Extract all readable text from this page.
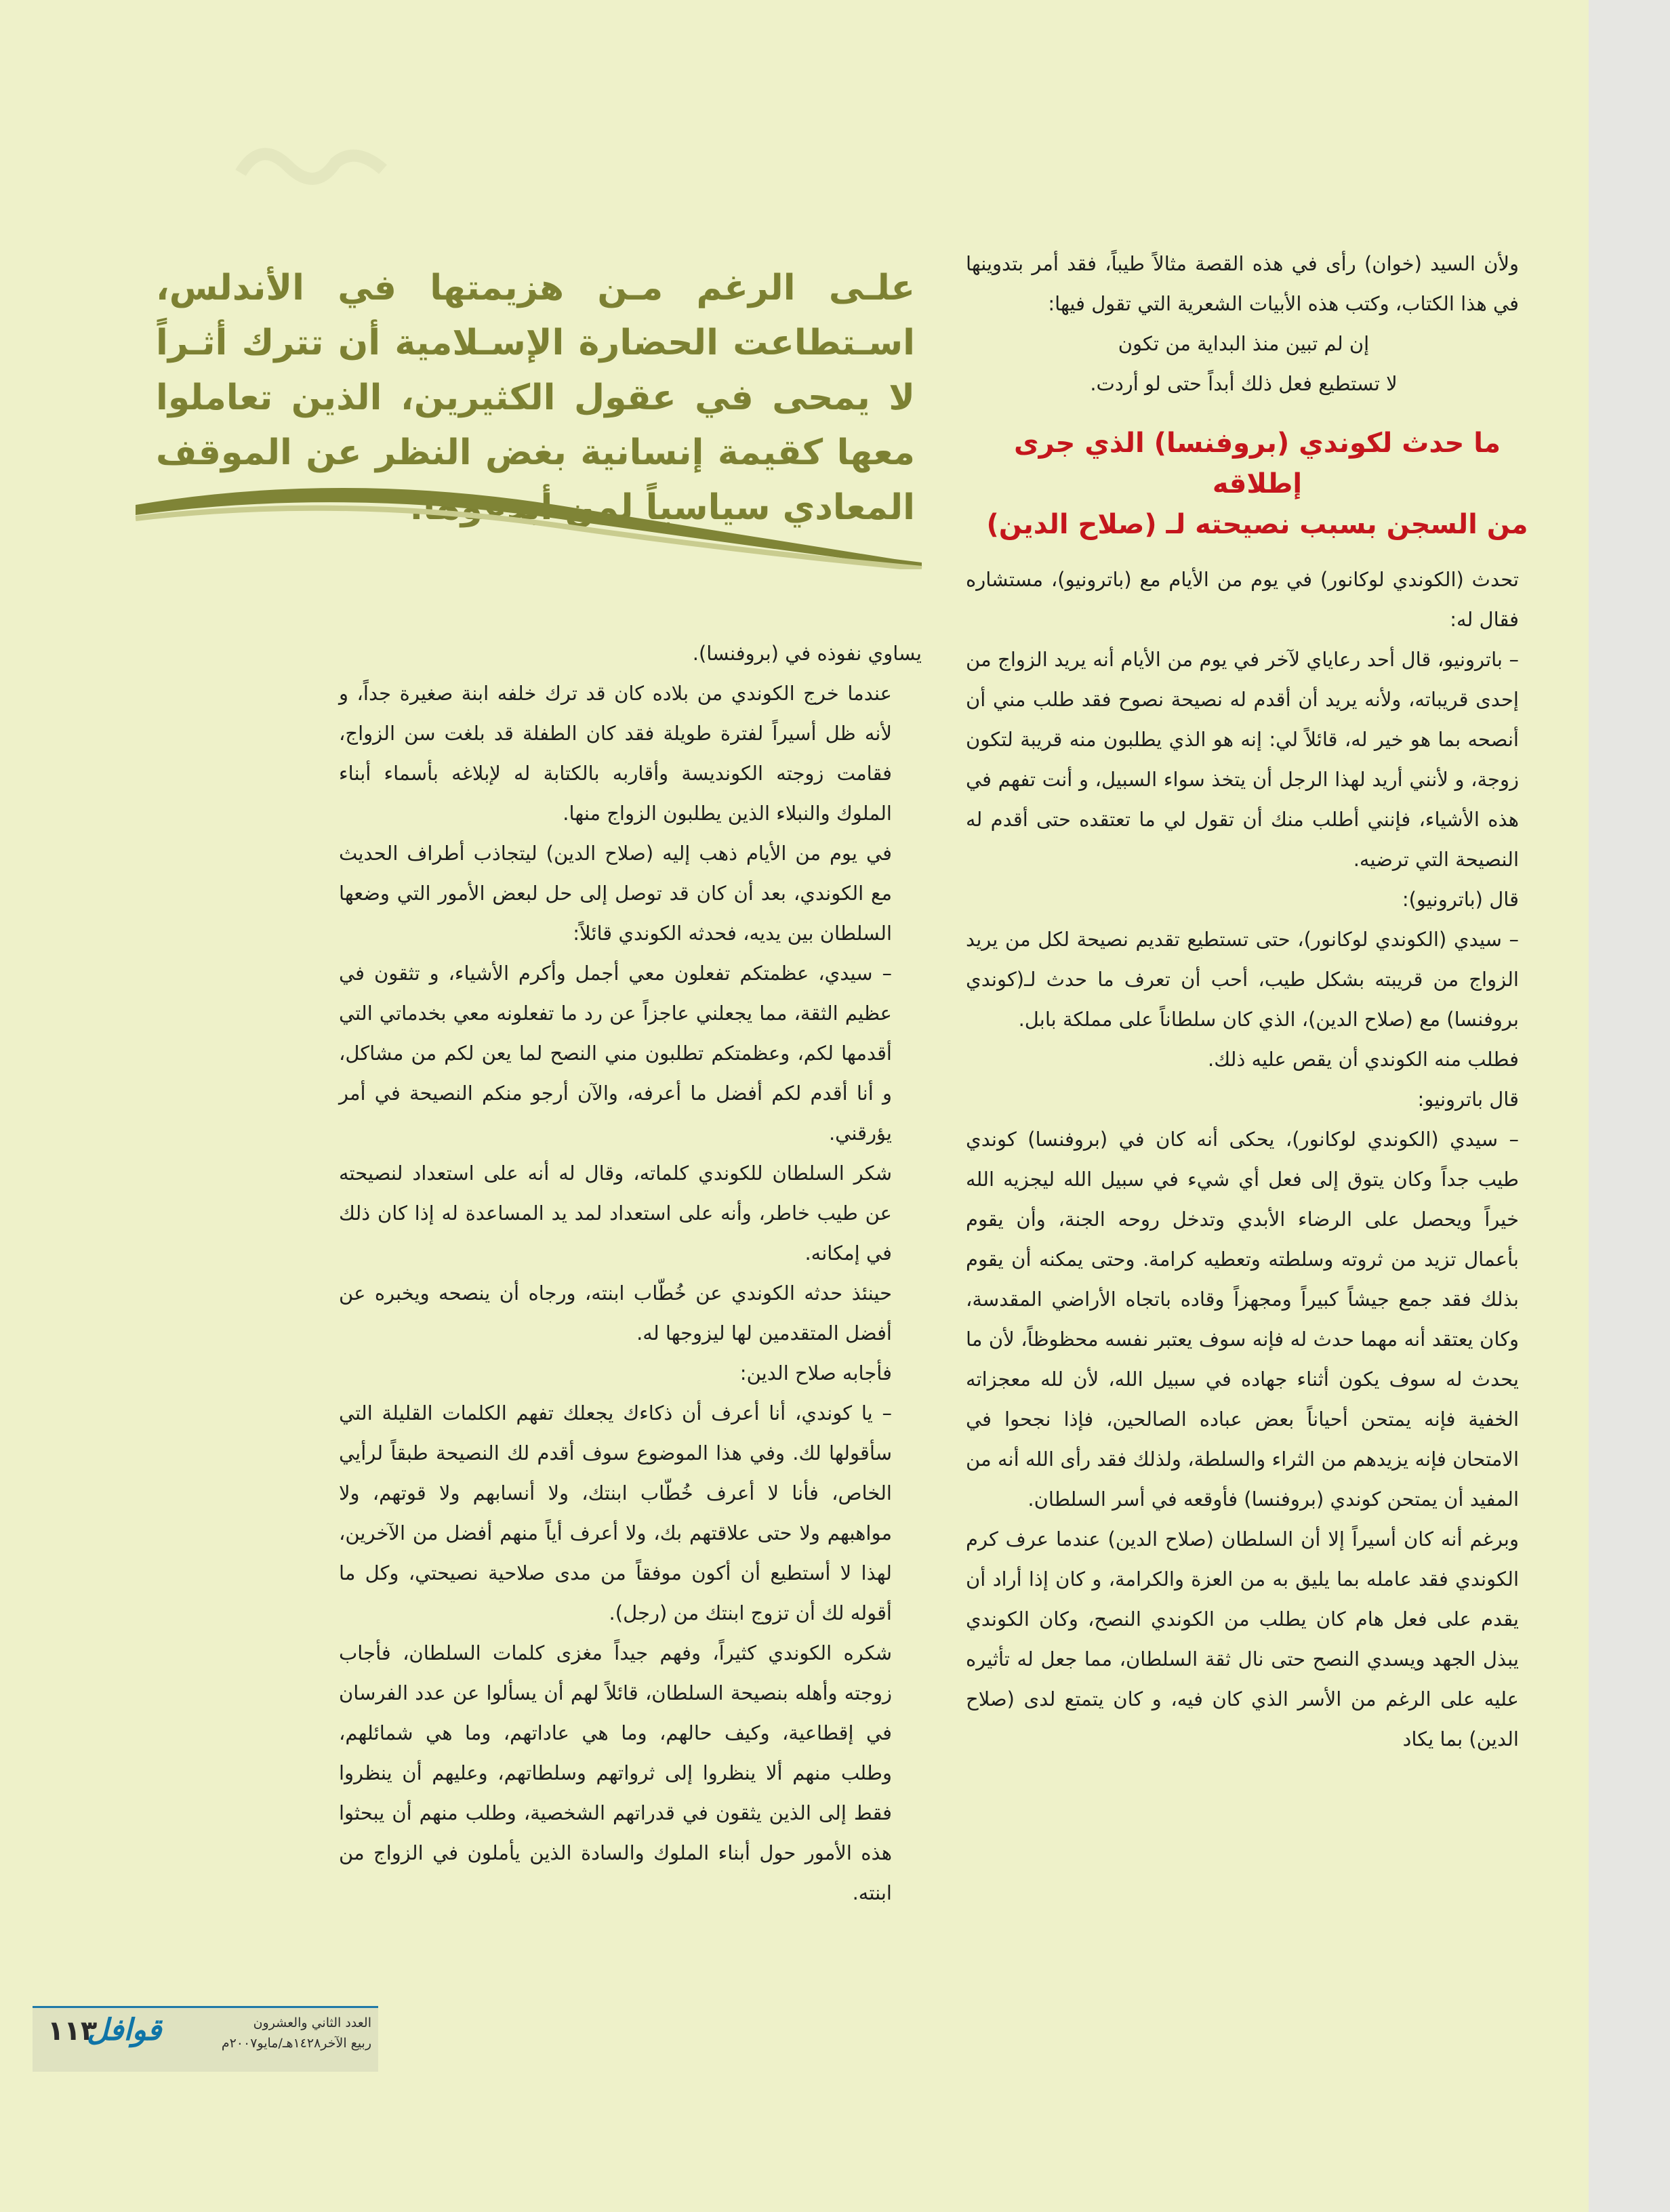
علـى الرغم مـن هزيمتها في الأندلس، اسـتطاعت الحضارة الإسـلامية أن تترك أثـراً لا يمحى في عقول الكثيرين، الذين تعاملوا معها كقيمة إنسانية بغض النظر عن الموقف المعادي سياسياً لمن أبدعوها.

ولأن السيد (خوان) رأى في هذه القصة مثالاً طيباً، فقد أمر بتدوينها في هذا الكتاب، وكتب هذه الأبيات الشعرية التي تقول فيها:

إن لم تبين منذ البداية من تكون

لا تستطيع فعل ذلك أبداً حتى لو أردت.

ما حدث لكوندي (بروفنسا) الذي جرى إطلاقه
من السجن بسبب نصيحته لـ (صلاح الدين)

تحدث (الكوندي لوكانور) في يوم من الأيام مع (باترونيو)، مستشاره فقال له:

– باترونيو، قال أحد رعاياي لآخر في يوم من الأيام أنه يريد الزواج من إحدى قريباته، ولأنه يريد أن أقدم له نصيحة نصوح فقد طلب مني أن أنصحه بما هو خير له، قائلاً لي: إنه هو الذي يطلبون منه قريبة لتكون زوجة، و لأنني أريد لهذا الرجل أن يتخذ سواء السبيل، و أنت تفهم في هذه الأشياء، فإنني أطلب منك أن تقول لي ما تعتقده حتى أقدم له النصيحة التي ترضيه.

قال (باترونيو):

– سيدي (الكوندي لوكانور)، حتى تستطيع تقديم نصيحة لكل من يريد الزواج من قريبته بشكل طيب، أحب أن تعرف ما حدث لـ(كوندي بروفنسا) مع (صلاح الدين)، الذي كان سلطاناً على مملكة بابل.

فطلب منه الكوندي أن يقص عليه ذلك.

قال باترونيو:

– سيدي (الكوندي لوكانور)، يحكى أنه كان في (بروفنسا) كوندي طيب جداً وكان يتوق إلى فعل أي شيء في سبيل الله ليجزيه الله خيراً ويحصل على الرضاء الأبدي وتدخل روحه الجنة، وأن يقوم بأعمال تزيد من ثروته وسلطته وتعطيه كرامة. وحتى يمكنه أن يقوم بذلك فقد جمع جيشاً كبيراً ومجهزاً وقاده باتجاه الأراضي المقدسة، وكان يعتقد أنه مهما حدث له فإنه سوف يعتبر نفسه محظوظاً، لأن ما يحدث له سوف يكون أثناء جهاده في سبيل الله، لأن لله معجزاته الخفية فإنه يمتحن أحياناً بعض عباده الصالحين، فإذا نجحوا في الامتحان فإنه يزيدهم من الثراء والسلطة، ولذلك فقد رأى الله أنه من المفيد أن يمتحن كوندي (بروفنسا) فأوقعه في أسر السلطان.

وبرغم أنه كان أسيراً إلا أن السلطان (صلاح الدين) عندما عرف كرم الكوندي فقد عامله بما يليق به من العزة والكرامة، و كان إذا أراد أن يقدم على فعل هام كان يطلب من الكوندي النصح، وكان الكوندي يبذل الجهد ويسدي النصح حتى نال ثقة السلطان، مما جعل له تأثيره عليه على الرغم من الأسر الذي كان فيه، و كان يتمتع لدى (صلاح الدين) بما يكاد

يساوي نفوذه في (بروفنسا).

عندما خرج الكوندي من بلاده كان قد ترك خلفه ابنة صغيرة جداً، و لأنه ظل أسيراً لفترة طويلة فقد كان الطفلة قد بلغت سن الزواج، فقامت زوجته الكونديسة وأقاربه بالكتابة له لإبلاغه بأسماء أبناء الملوك والنبلاء الذين يطلبون الزواج منها.

في يوم من الأيام ذهب إليه (صلاح الدين) ليتجاذب أطراف الحديث مع الكوندي، بعد أن كان قد توصل إلى حل لبعض الأمور التي وضعها السلطان بين يديه، فحدثه الكوندي قائلاً:

– سيدي، عظمتكم تفعلون معي أجمل وأكرم الأشياء، و تثقون في عظيم الثقة، مما يجعلني عاجزاً عن رد ما تفعلونه معي بخدماتي التي أقدمها لكم، وعظمتكم تطلبون مني النصح لما يعن لكم من مشاكل، و أنا أقدم لكم أفضل ما أعرفه، والآن أرجو منكم النصيحة في أمر يؤرقني.

شكر السلطان للكوندي كلماته، وقال له أنه على استعداد لنصيحته عن طيب خاطر، وأنه على استعداد لمد يد المساعدة له إذا كان ذلك في إمكانه.

حينئذ حدثه الكوندي عن خُطّاب ابنته، ورجاه أن ينصحه ويخبره عن أفضل المتقدمين لها ليزوجها له.

فأجابه صلاح الدين:

– يا كوندي، أنا أعرف أن ذكاءك يجعلك تفهم الكلمات القليلة التي سأقولها لك. وفي هذا الموضوع سوف أقدم لك النصيحة طبقاً لرأيي الخاص، فأنا لا أعرف خُطّاب ابنتك، ولا أنسابهم ولا قوتهم، ولا مواهبهم ولا حتى علاقتهم بك، ولا أعرف أياً منهم أفضل من الآخرين، لهذا لا أستطيع أن أكون موفقاً من مدى صلاحية نصيحتي، وكل ما أقوله لك أن تزوج ابنتك من (رجل).

شكره الكوندي كثيراً، وفهم جيداً مغزى كلمات السلطان، فأجاب زوجته وأهله بنصيحة السلطان، قائلاً لهم أن يسألوا عن عدد الفرسان في إقطاعية، وكيف حالهم، وما هي عاداتهم، وما هي شمائلهم، وطلب منهم ألا ينظروا إلى ثرواتهم وسلطاتهم، وعليهم أن ينظروا فقط إلى الذين يثقون في قدراتهم الشخصية، وطلب منهم أن يبحثوا هذه الأمور حول أبناء الملوك والسادة الذين يأملون في الزواج من ابنته.

١١٣
قوافل	العدد الثاني والعشرون
ربيع الآخر١٤٢٨هـ/مايو٢٠٠٧م
